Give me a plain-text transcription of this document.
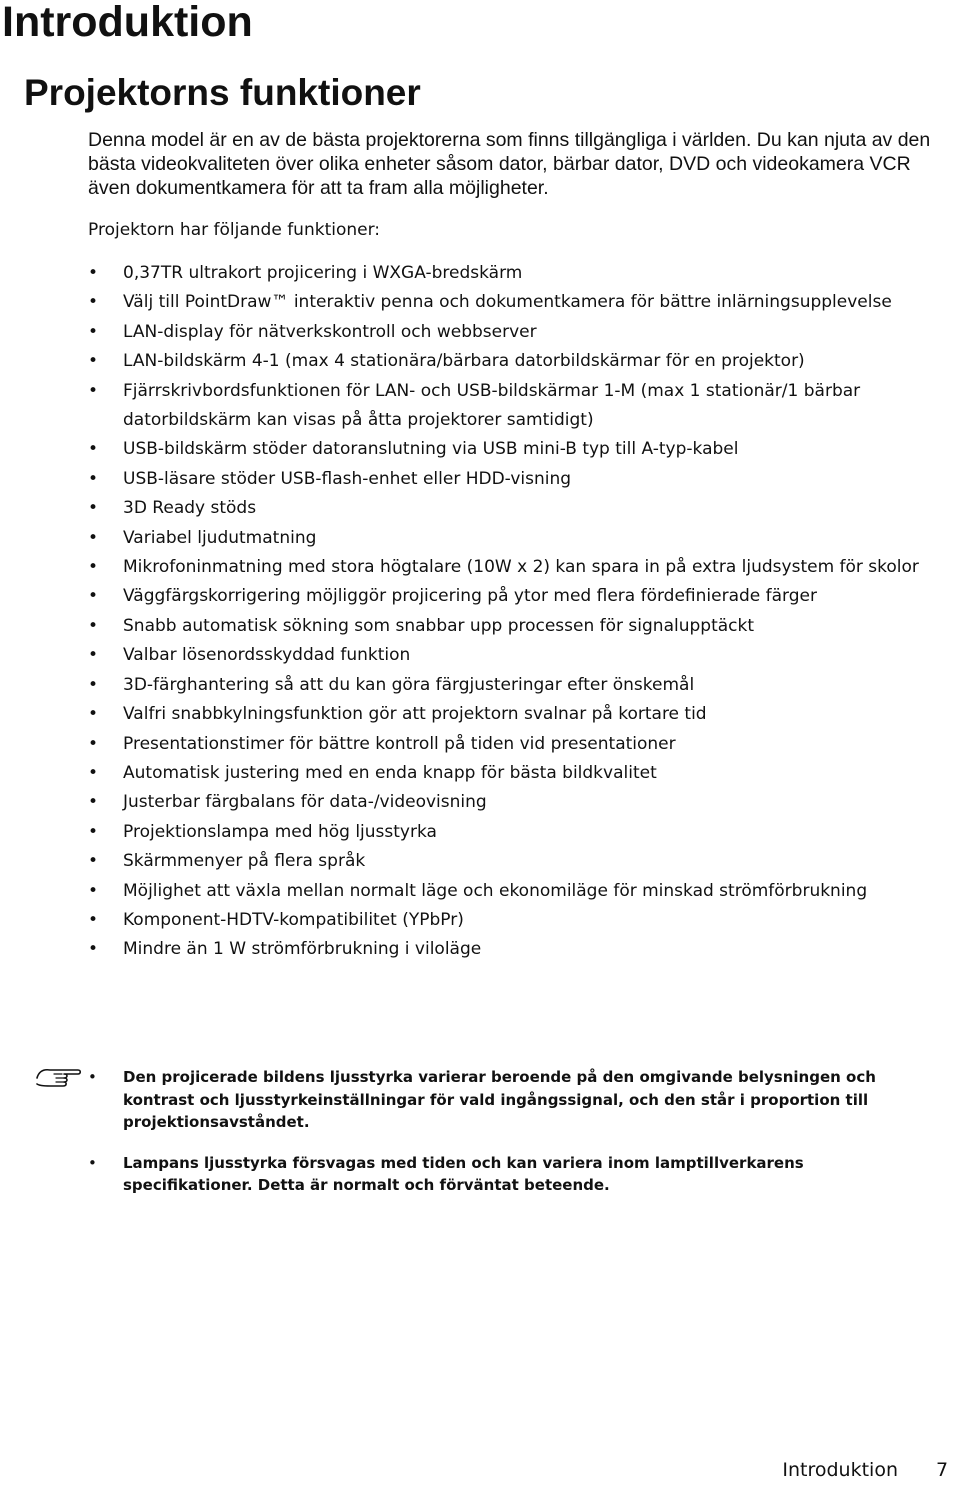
Introduktion
Projektorns funktioner

Denna model är en av de bästa projektorerna som finns tillgängliga i världen. Du kan njuta av den bästa videokvaliteten över olika enheter såsom dator, bärbar dator, DVD och videokamera VCR även dokumentkamera för att ta fram alla möjligheter.

Projektorn har följande funktioner:

• 0,37TR ultrakort projicering i WXGA-bredskärm
• Välj till PointDraw™ interaktiv penna och dokumentkamera för bättre inlärningsupplevelse
• LAN-display för nätverkskontroll och webbserver
• LAN-bildskärm 4-1 (max 4 stationära/bärbara datorbildskärmar för en projektor)
• Fjärrskrivbordsfunktionen för LAN- och USB-bildskärmar 1-M (max 1 stationär/1 bärbar datorbildskärm kan visas på åtta projektorer samtidigt)
• USB-bildskärm stöder datoranslutning via USB mini-B typ till A-typ-kabel
• USB-läsare stöder USB-flash-enhet eller HDD-visning
• 3D Ready stöds
• Variabel ljudutmatning
• Mikrofoninmatning med stora högtalare (10W x 2) kan spara in på extra ljudsystem för skolor
• Väggfärgskorrigering möjliggör projicering på ytor med flera fördefinierade färger
• Snabb automatisk sökning som snabbar upp processen för signalupptäckt
• Valbar lösenordsskyddad funktion
• 3D-färghantering så att du kan göra färgjusteringar efter önskemål
• Valfri snabbkylningsfunktion gör att projektorn svalnar på kortare tid
• Presentationstimer för bättre kontroll på tiden vid presentationer
• Automatisk justering med en enda knapp för bästa bildkvalitet
• Justerbar färgbalans för data-/videovisning
• Projektionslampa med hög ljusstyrka
• Skärmmenyer på flera språk
• Möjlighet att växla mellan normalt läge och ekonomiläge för minskad strömförbrukning
• Komponent-HDTV-kompatibilitet (YPbPr)
• Mindre än 1 W strömförbrukning i viloläge
• Den projicerade bildens ljusstyrka varierar beroende på den omgivande belysningen och kontrast och ljusstyrkeinställningar för vald ingångssignal, och den står i proportion till projektionsavståndet.
• Lampans ljusstyrka försvagas med tiden och kan variera inom lamptillverkarens specifikationer. Detta är normalt och förväntat beteende.
Introduktion 7
